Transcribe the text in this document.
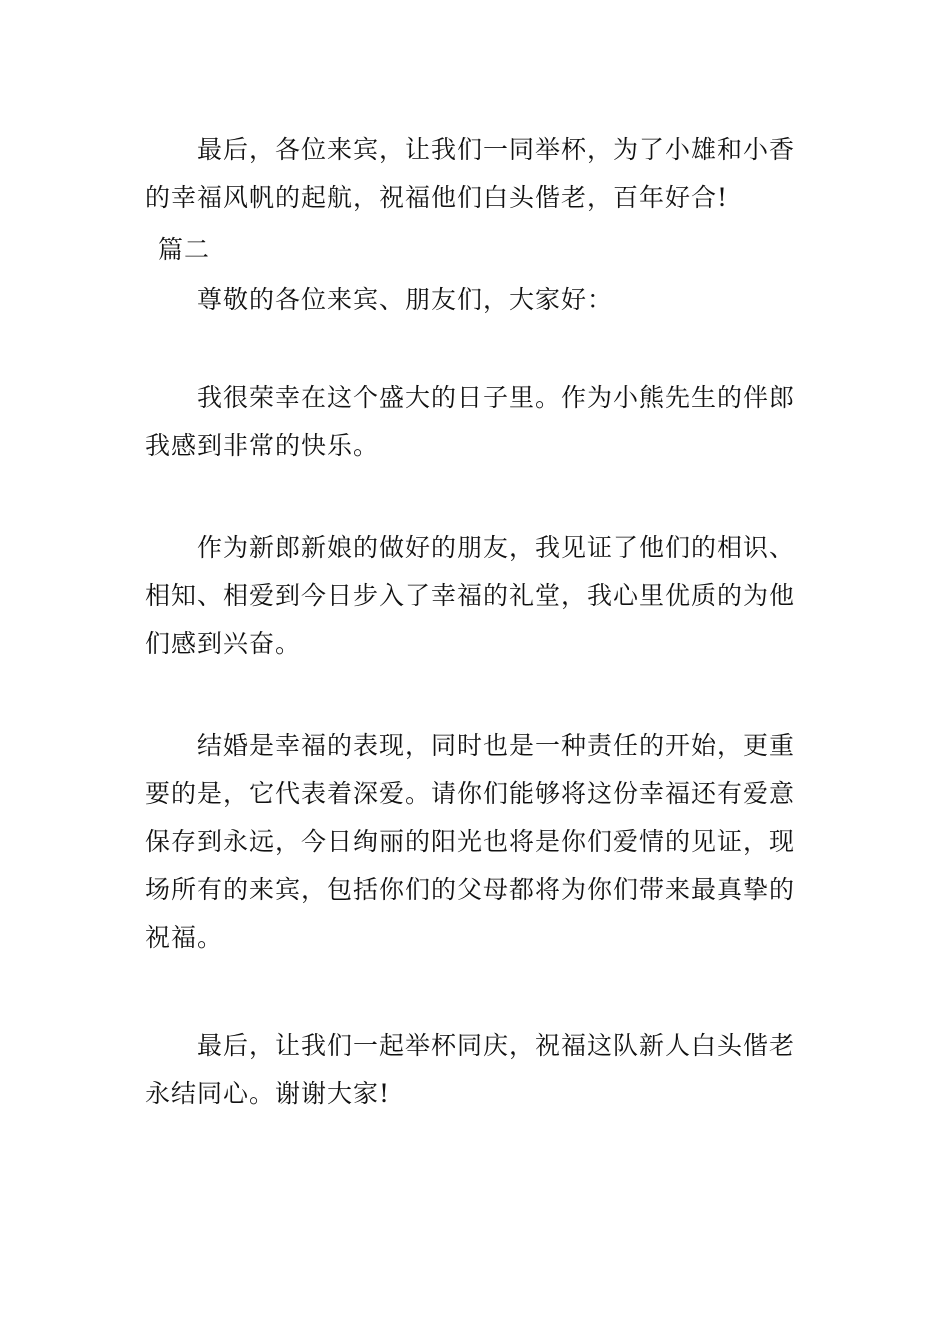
最后，各位来宾，让我们一同举杯，为了小雄和小香的幸福风帆的起航，祝福他们白头偕老，百年好合!

篇二

尊敬的各位来宾、朋友们，大家好：

我很荣幸在这个盛大的日子里。作为小熊先生的伴郎我感到非常的快乐。

作为新郎新娘的做好的朋友，我见证了他们的相识、相知、相爱到今日步入了幸福的礼堂，我心里优质的为他们感到兴奋。

结婚是幸福的表现，同时也是一种责任的开始，更重要的是，它代表着深爱。请你们能够将这份幸福还有爱意保存到永远，今日绚丽的阳光也将是你们爱情的见证，现场所有的来宾，包括你们的父母都将为你们带来最真挚的祝福。

最后，让我们一起举杯同庆，祝福这队新人白头偕老永结同心。谢谢大家!
